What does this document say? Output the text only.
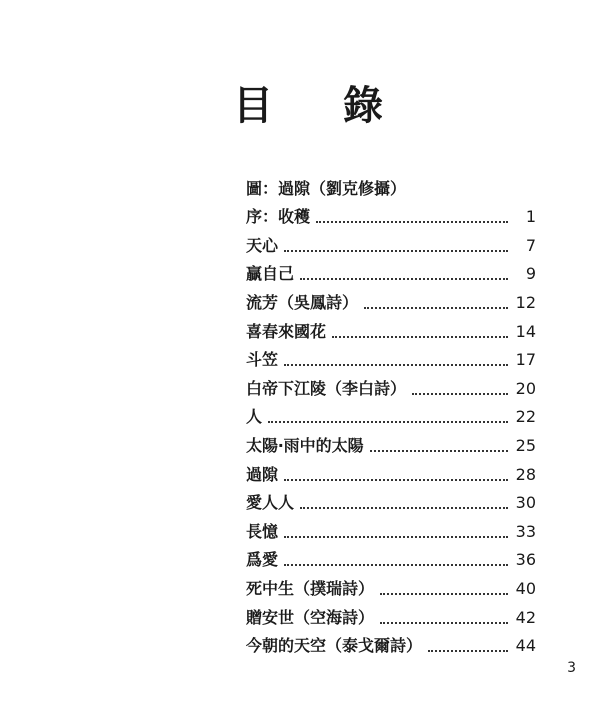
目 錄
圖：過隙（劉克修攝）
序：收穫	1
天心	7
贏自己	9
流芳（吳鳳詩）	12
喜春來國花	14
斗笠	17
白帝下江陵（李白詩）	20
人	22
太陽‧雨中的太陽	25
過隙	28
愛人人	30
長憶	33
爲愛	36
死中生（撲瑞詩）	40
贈安世（空海詩）	42
今朝的天空（泰戈爾詩）	44
3
